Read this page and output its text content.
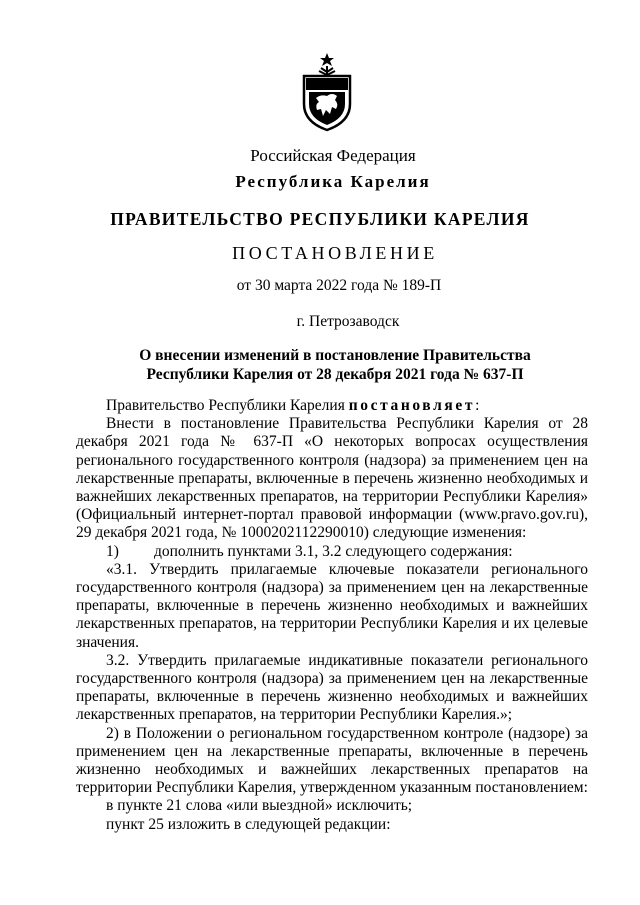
Российская Федерация
Республика Карелия
ПРАВИТЕЛЬСТВО РЕСПУБЛИКИ КАРЕЛИЯ
ПОСТАНОВЛЕНИЕ
от 30 марта 2022 года № 189-П
г. Петрозаводск
О внесении изменений в постановление Правительства
Республики Карелия от 28 декабря 2021 года № 637-П

Правительство Республики Карелия постановляет:

Внести в постановление Правительства Республики Карелия от 28 декабря 2021 года № 637-П «О некоторых вопросах осуществления регионального государственного контроля (надзора) за применением цен на лекарственные препараты, включенные в перечень жизненно необходимых и важнейших лекарственных препаратов, на территории Республики Карелия» (Официальный интернет-портал правовой информации (www.pravo.gov.ru), 29 декабря 2021 года, № 1000202112290010) следующие изменения:

1) дополнить пунктами 3.1, 3.2 следующего содержания:

«3.1. Утвердить прилагаемые ключевые показатели регионального государственного контроля (надзора) за применением цен на лекарственные препараты, включенные в перечень жизненно необходимых и важнейших лекарственных препаратов, на территории Республики Карелия и их целевые значения.

3.2. Утвердить прилагаемые индикативные показатели регионального государственного контроля (надзора) за применением цен на лекарственные препараты, включенные в перечень жизненно необходимых и важнейших лекарственных препаратов, на территории Республики Карелия.»;

2) в Положении о региональном государственном контроле (надзоре) за применением цен на лекарственные препараты, включенные в перечень жизненно необходимых и важнейших лекарственных препаратов на территории Республики Карелия, утвержденном указанным постановлением:

в пункте 21 слова «или выездной» исключить;

пункт 25 изложить в следующей редакции:
